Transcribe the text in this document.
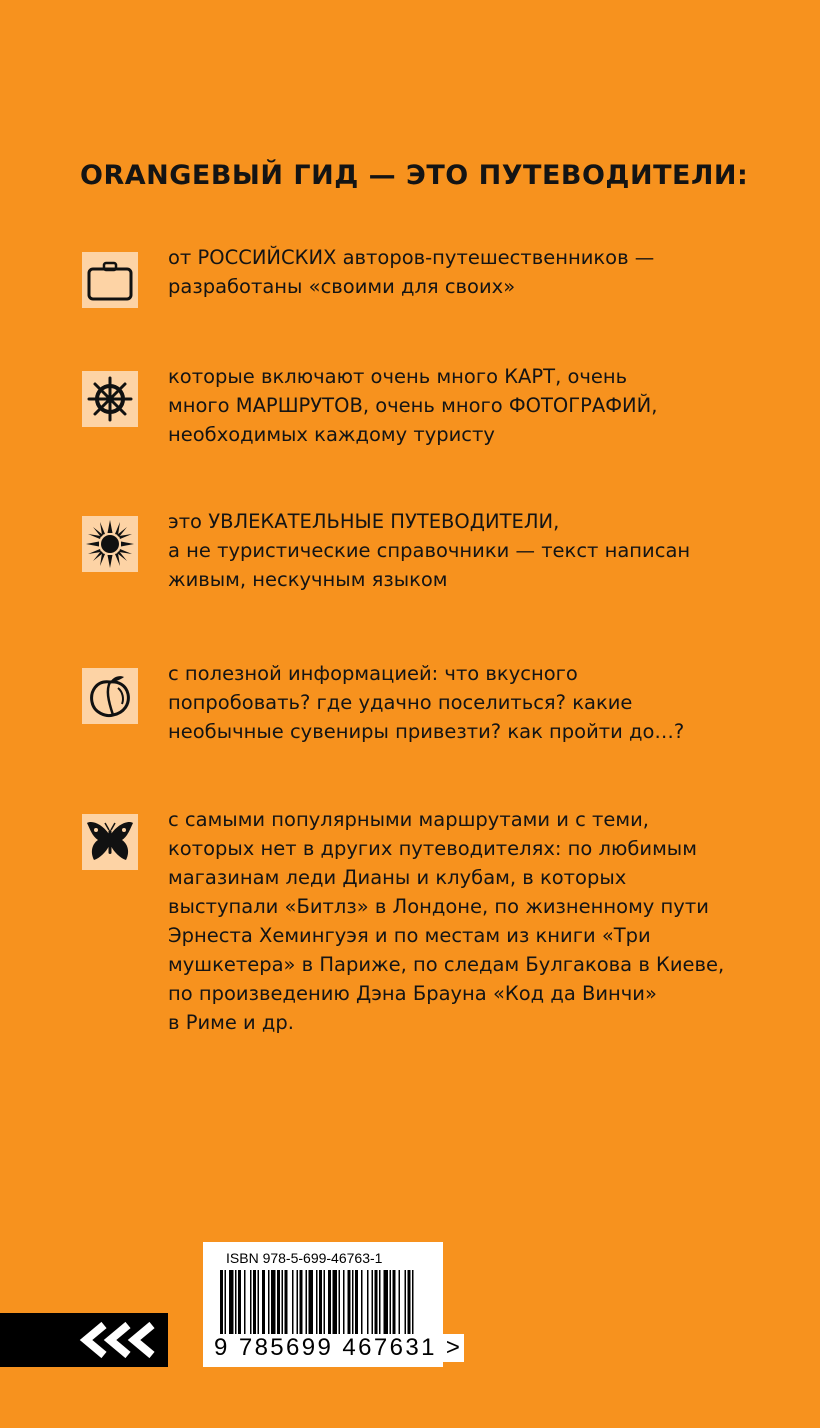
ORANGEВЫЙ ГИД — ЭТО ПУТЕВОДИТЕЛИ:
от РОССИЙСКИХ авторов-путешественников —
разработаны «своими для своих»
которые включают очень много КАРТ, очень
много МАРШРУТОВ, очень много ФОТОГРАФИЙ,
необходимых каждому туристу
это УВЛЕКАТЕЛЬНЫЕ ПУТЕВОДИТЕЛИ,
а не туристические справочники — текст написан
живым, нескучным языком
с полезной информацией: что вкусного
попробовать? где удачно поселиться? какие
необычные сувениры привезти? как пройти до…?
с самыми популярными маршрутами и с теми,
которых нет в других путеводителях: по любимым
магазинам леди Дианы и клубам, в которых
выступали «Битлз» в Лондоне, по жизненному пути
Эрнеста Хемингуэя и по местам из книги «Три
мушкетера» в Париже, по следам Булгакова в Киеве,
по произведению Дэна Брауна «Код да Винчи»
в Риме и др.
ISBN 978-5-699-46763-1
9 785699 467631 >
